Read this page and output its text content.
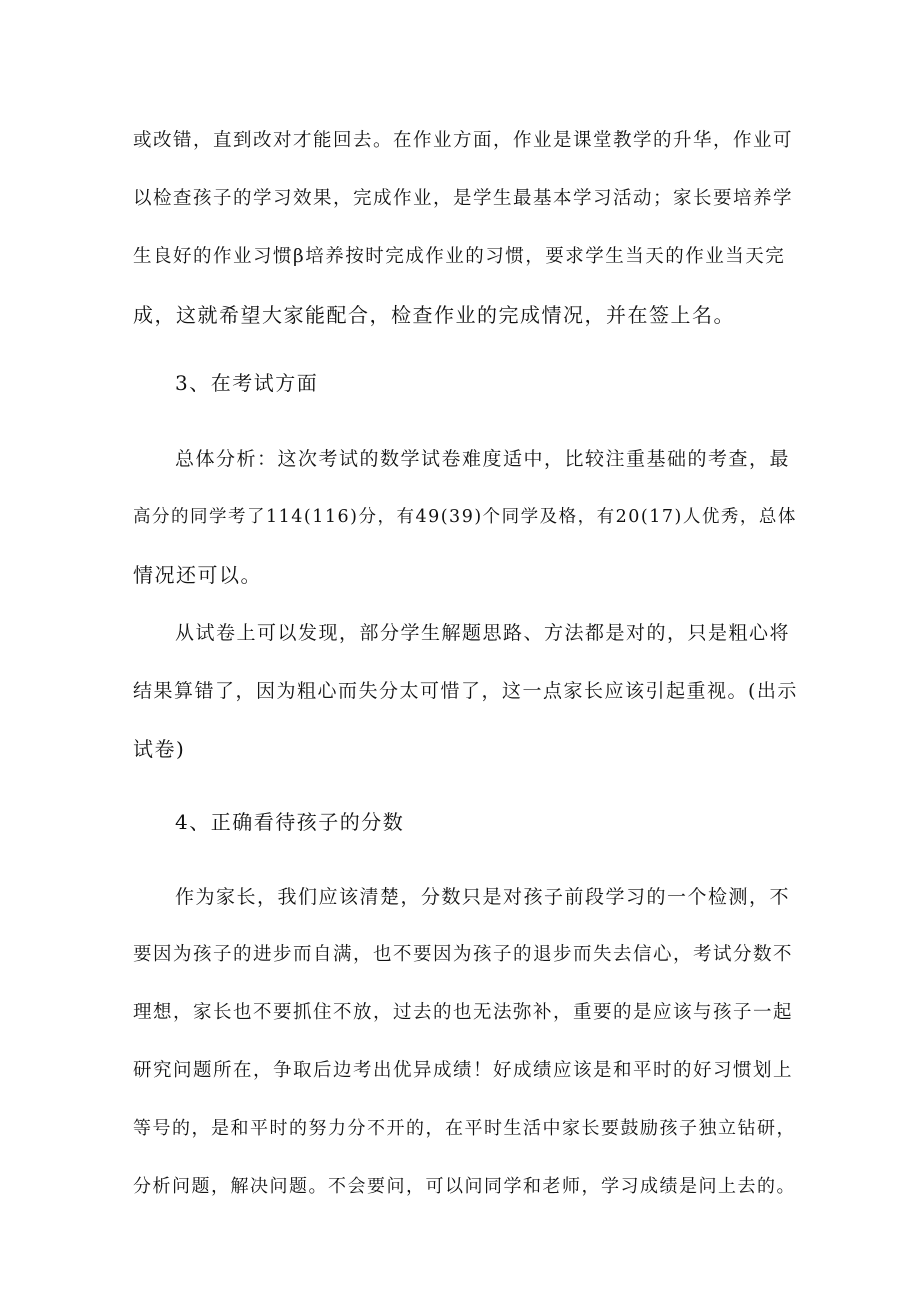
或改错，直到改对才能回去。在作业方面，作业是课堂教学的升华，作业可
以检查孩子的学习效果，完成作业，是学生最基本学习活动；家长要培养学
生良好的作业习惯β培养按时完成作业的习惯，要求学生当天的作业当天完
成，这就希望大家能配合，检查作业的完成情况，并在签上名。
3、在考试方面
总体分析：这次考试的数学试卷难度适中，比较注重基础的考查，最
高分的同学考了114(116)分，有49(39)个同学及格，有20(17)人优秀，总体
情况还可以。
从试卷上可以发现，部分学生解题思路、方法都是对的，只是粗心将
结果算错了，因为粗心而失分太可惜了，这一点家长应该引起重视。(出示
试卷)
4、正确看待孩子的分数
作为家长，我们应该清楚，分数只是对孩子前段学习的一个检测，不
要因为孩子的进步而自满，也不要因为孩子的退步而失去信心，考试分数不
理想，家长也不要抓住不放，过去的也无法弥补，重要的是应该与孩子一起
研究问题所在，争取后边考出优异成绩！好成绩应该是和平时的好习惯划上
等号的，是和平时的努力分不开的，在平时生活中家长要鼓励孩子独立钻研，
分析问题，解决问题。不会要问，可以问同学和老师，学习成绩是问上去的。
